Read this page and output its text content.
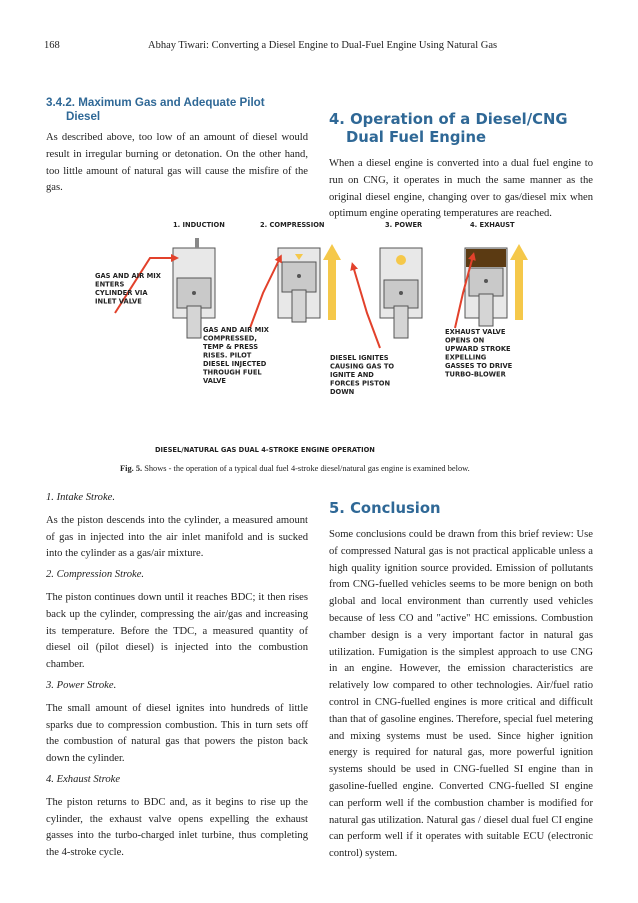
168	Abhay Tiwari: Converting a Diesel Engine to Dual-Fuel Engine Using Natural Gas
3.4.2. Maximum Gas and Adequate Pilot
Diesel

As described above, too low of an amount of diesel would result in irregular burning or detonation. On the other hand, too little amount of natural gas will cause the misfire of the gas.

4. Operation of a Diesel/CNG
Dual Fuel Engine

When a diesel engine is converted into a dual fuel engine to run on CNG, it operates in much the same manner as the original diesel engine, changing over to gas/diesel mix when optimum engine operating temperatures are reached.

1. INDUCTION	2. COMPRESSION	3. POWER	4. EXHAUST
GAS AND AIR MIX ENTERS CYLINDER VIA INLET VALVE
GAS AND AIR MIX COMPRESSED, TEMP & PRESS RISES. PILOT DIESEL INJECTED THROUGH FUEL VALVE
DIESEL IGNITES CAUSING GAS TO IGNITE AND FORCES PISTON DOWN
EXHAUST VALVE OPENS ON UPWARD STROKE EXPELLING GASSES TO DRIVE TURBO-BLOWER
DIESEL/NATURAL GAS DUAL 4-STROKE ENGINE OPERATION
Fig. 5. Shows - the operation of a typical dual fuel 4-stroke diesel/natural gas engine is examined below.

1. Intake Stroke.

As the piston descends into the cylinder, a measured amount of gas in injected into the air inlet manifold and is sucked into the cylinder as a gas/air mixture.

2. Compression Stroke.

The piston continues down until it reaches BDC; it then rises back up the cylinder, compressing the air/gas and increasing its temperature. Before the TDC, a measured quantity of diesel oil (pilot diesel) is injected into the combustion chamber.

3. Power Stroke.

The small amount of diesel ignites into hundreds of little sparks due to compression combustion. This in turn sets off the combustion of natural gas that powers the piston back down the cylinder.

4. Exhaust Stroke

The piston returns to BDC and, as it begins to rise up the cylinder, the exhaust valve opens expelling the exhaust gasses into the turbo-charged inlet turbine, thus completing the 4-stroke cycle.

5. Conclusion

Some conclusions could be drawn from this brief review: Use of compressed Natural gas is not practical applicable unless a high quality ignition source provided. Emission of pollutants from CNG-fuelled vehicles seems to be more benign on both global and local environment than currently used vehicles because of less CO and "active" HC emissions. Combustion chamber design is a very important factor in natural gas utilization. Fumigation is the simplest approach to use CNG in an engine. However, the emission characteristics are relatively low compared to other technologies. Air/fuel ratio control in CNG-fuelled engines is more critical and difficult than that of gasoline engines. Therefore, special fuel metering and mixing systems must be used. Since higher ignition energy is required for natural gas, more powerful ignition systems should be used in CNG-fuelled SI engine than in gasoline-fuelled engine. Converted CNG-fuelled SI engine can perform well if the combustion chamber is modified for natural gas utilization. Natural gas / diesel dual fuel CI engine can perform well if it operates with suitable ECU (electronic control) system.
